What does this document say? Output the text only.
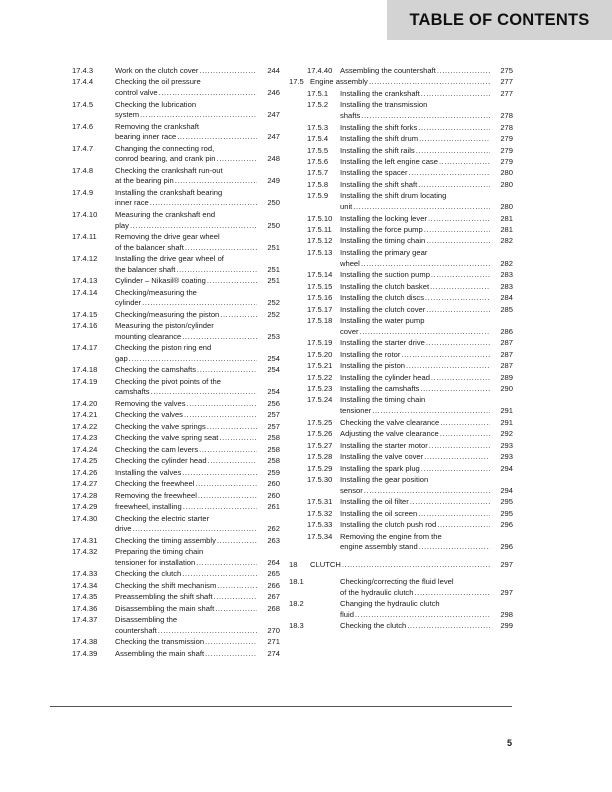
TABLE OF CONTENTS
17.4.3	Work on the clutch cover .....	244
17.4.4	Checking the oil pressure
control valve .....	246
17.4.5	Checking the lubrication
system .....	247
17.4.6	Removing the crankshaft
bearing inner race .....	247
17.4.7	Changing the connecting rod,
conrod bearing, and crank pin .....	248
17.4.8	Checking the crankshaft run-out
at the bearing pin .....	249
17.4.9	Installing the crankshaft bearing
inner race .....	250
17.4.10 Measuring the crankshaft end
play .....	250
17.4.11 Removing the drive gear wheel
of the balancer shaft .....	251
17.4.12 Installing the drive gear wheel of
the balancer shaft .....	251
17.4.13 Cylinder – Nikasil® coating .....	251
17.4.14 Checking/measuring the
cylinder .....	252
17.4.15 Checking/measuring the piston .....	252
17.4.16 Measuring the piston/cylinder
mounting clearance .....	253
17.4.17 Checking the piston ring end
gap .....	254
17.4.18 Checking the camshafts .....	254
17.4.19 Checking the pivot points of the
camshafts .....	254
17.4.20 Removing the valves .....	256
17.4.21 Checking the valves .....	257
17.4.22 Checking the valve springs .....	257
17.4.23 Checking the valve spring seat .....	258
17.4.24 Checking the cam levers .....	258
17.4.25 Checking the cylinder head .....	258
17.4.26 Installing the valves .....	259
17.4.27 Checking the freewheel .....	260
17.4.28 Removing the freewheel .....	260
17.4.29 freewheel, installing .....	261
17.4.30 Checking the electric starter
drive .....	262
17.4.31 Checking the timing assembly .....	263
17.4.32 Preparing the timing chain
tensioner for installation .....	264
17.4.33 Checking the clutch .....	265
17.4.34 Checking the shift mechanism .....	266
17.4.35 Preassembling the shift shaft .....	267
17.4.36 Disassembling the main shaft .....	268
17.4.37 Disassembling the
countershaft .....	270
17.4.38 Checking the transmission .....	271
17.4.39 Assembling the main shaft .....	274
17.4.40 Assembling the countershaft .....	275
17.5 Engine assembly .....	277
17.5.1 Installing the crankshaft .....	277
17.5.2 Installing the transmission
shafts .....	278
17.5.3 Installing the shift forks .....	278
17.5.4 Installing the shift drum .....	279
17.5.5 Installing the shift rails .....	279
17.5.6 Installing the left engine case .....	279
17.5.7 Installing the spacer .....	280
17.5.8 Installing the shift shaft .....	280
17.5.9 Installing the shift drum locating
unit .....	280
17.5.10 Installing the locking lever .....	281
17.5.11 Installing the force pump .....	281
17.5.12 Installing the timing chain .....	282
17.5.13 Installing the primary gear
wheel .....	282
17.5.14 Installing the suction pump .....	283
17.5.15 Installing the clutch basket .....	283
17.5.16 Installing the clutch discs .....	284
17.5.17 Installing the clutch cover .....	285
17.5.18 Installing the water pump
cover .....	286
17.5.19 Installing the starter drive .....	287
17.5.20 Installing the rotor .....	287
17.5.21 Installing the piston .....	287
17.5.22 Installing the cylinder head .....	289
17.5.23 Installing the camshafts .....	290
17.5.24 Installing the timing chain
tensioner .....	291
17.5.25 Checking the valve clearance .....	291
17.5.26 Adjusting the valve clearance .....	292
17.5.27 Installing the starter motor .....	293
17.5.28 Installing the valve cover .....	293
17.5.29 Installing the spark plug .....	294
17.5.30 Installing the gear position
sensor .....	294
17.5.31 Installing the oil filter .....	295
17.5.32 Installing the oil screen .....	295
17.5.33 Installing the clutch push rod .....	296
17.5.34 Removing the engine from the
engine assembly stand .....	296
18 CLUTCH .....	297
18.1	Checking/correcting the fluid level
of the hydraulic clutch .....	297
18.2	Changing the hydraulic clutch
fluid .....	298
18.3	Checking the clutch .....	299
5
